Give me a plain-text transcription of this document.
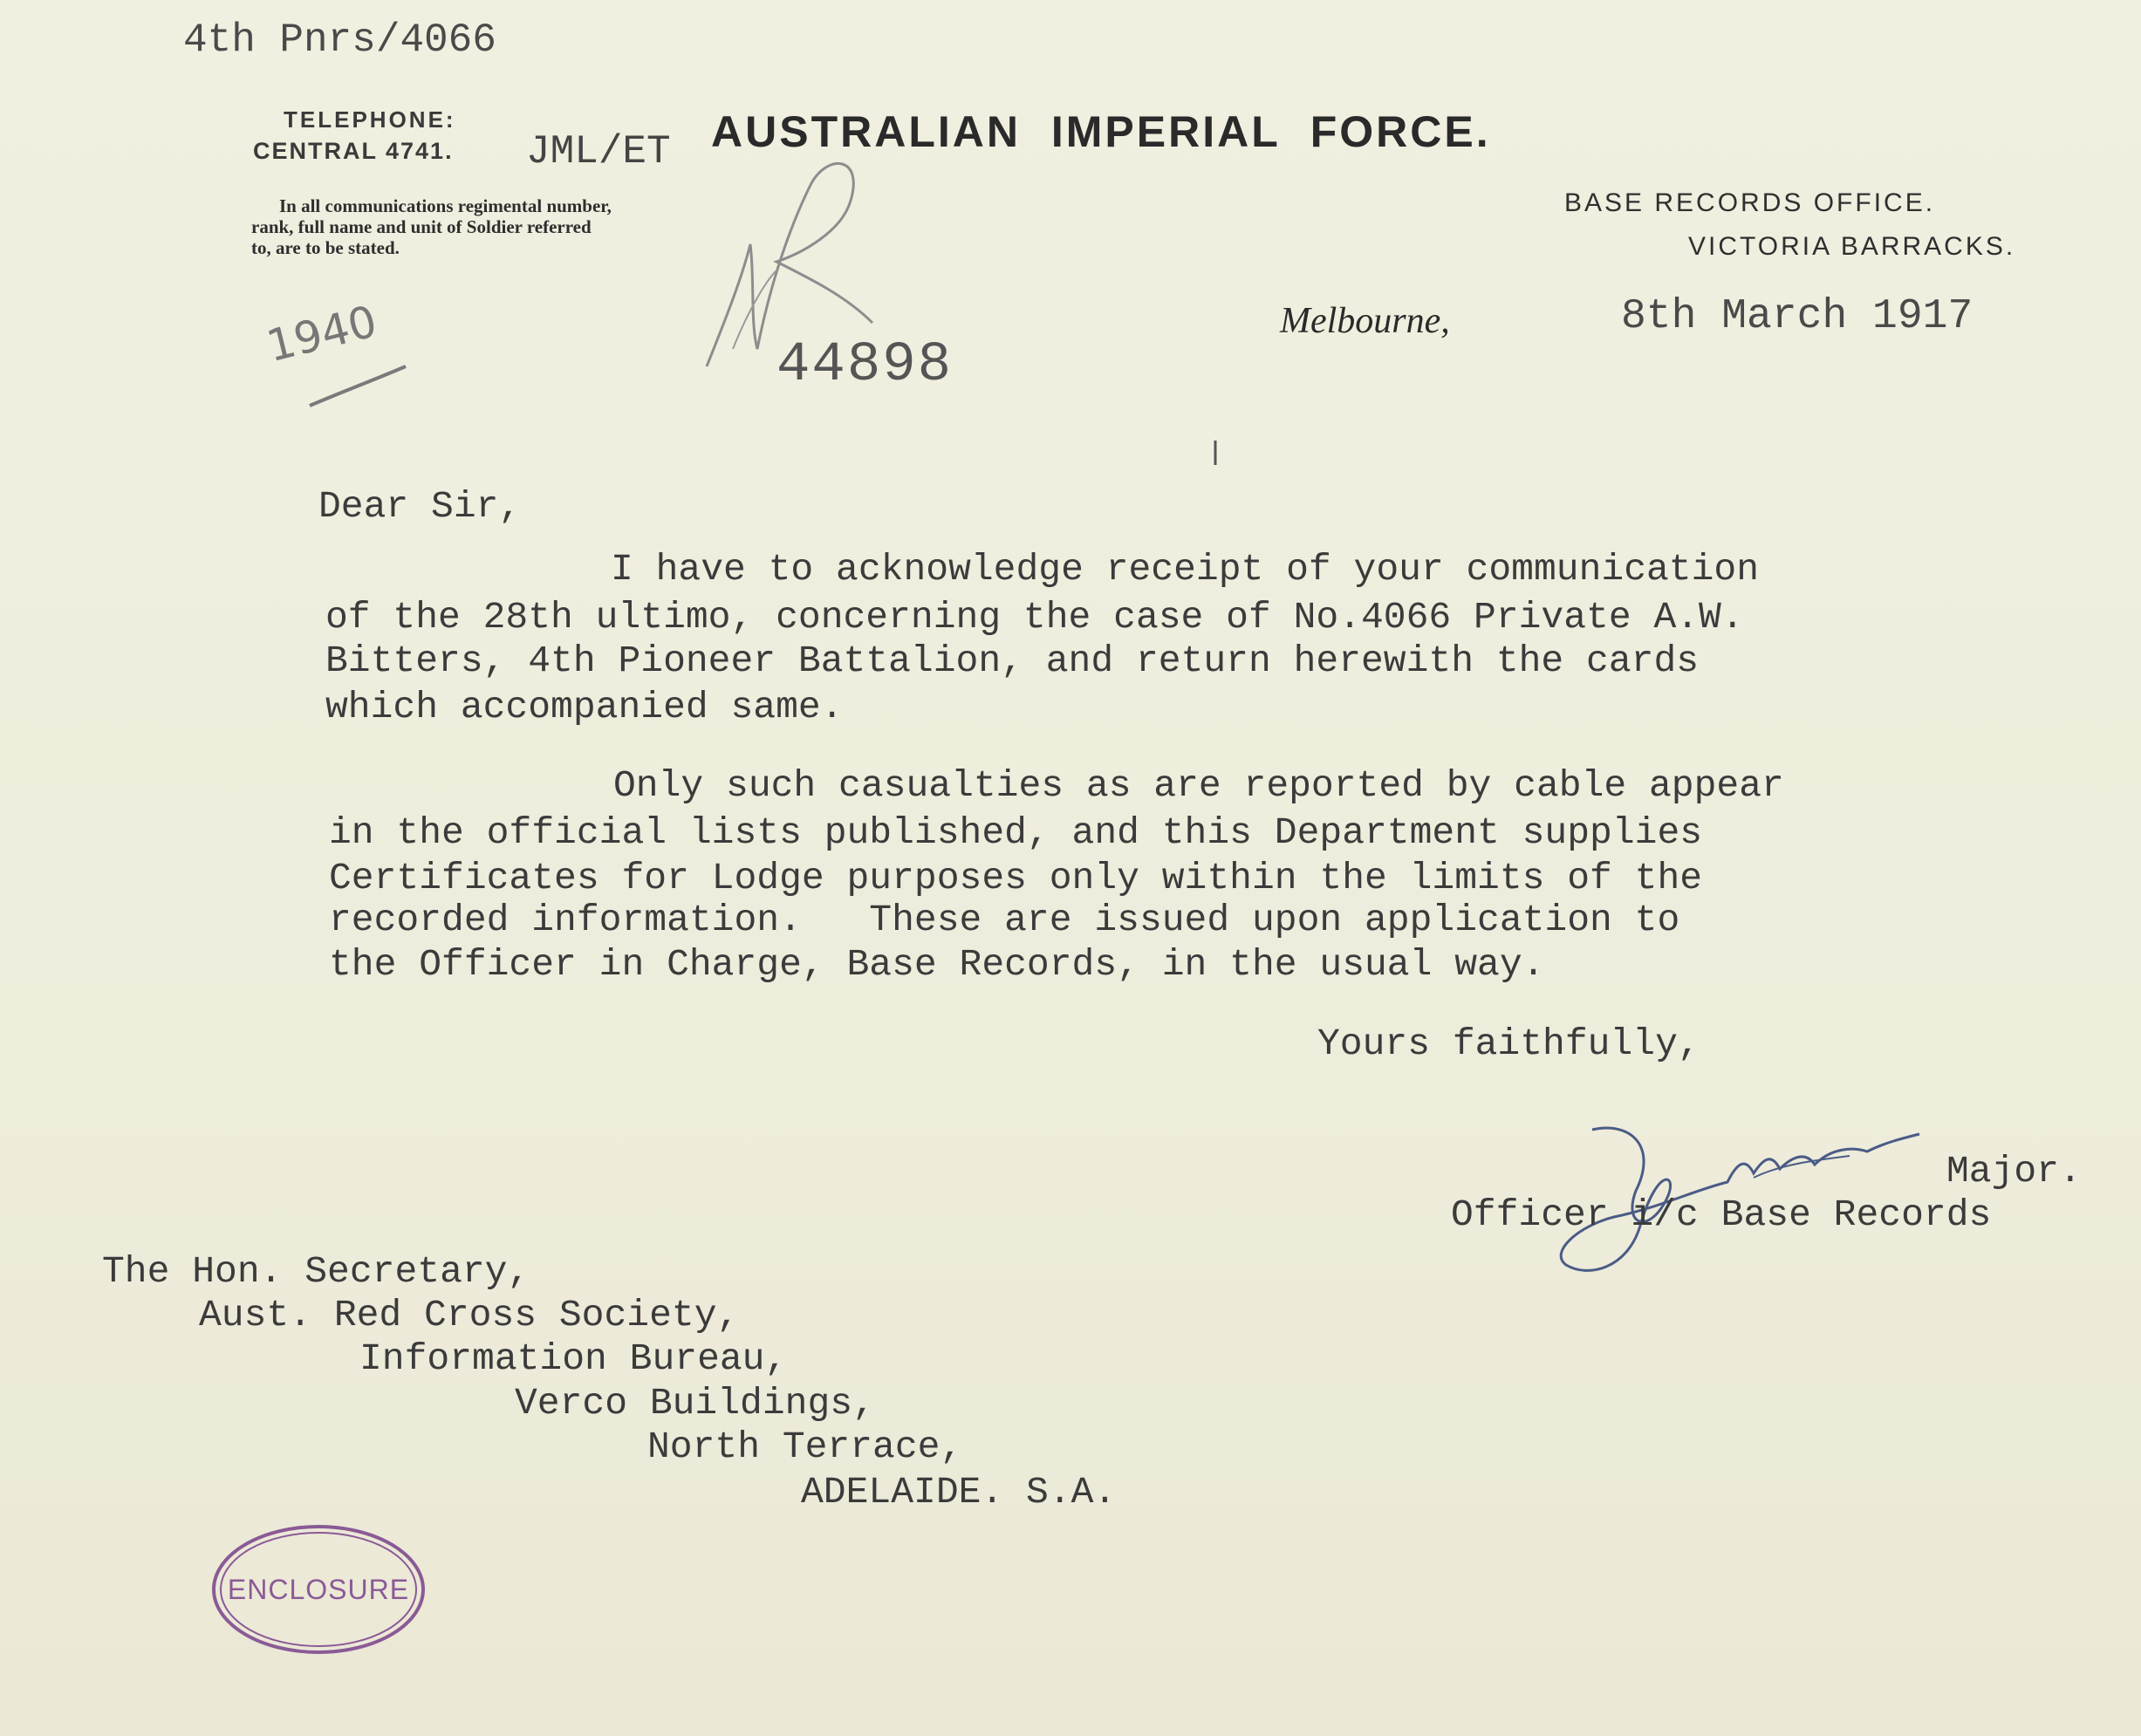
4th Pnrs/4066
TELEPHONE:
CENTRAL 4741. JML/ET
In all communications regimental number,
rank, full name and unit of Soldier referred
to, are to be stated.
AUSTRALIAN IMPERIAL FORCE.
BASE RECORDS OFFICE.
VICTORIA BARRACKS.
Melbourne,	8th March 1917
44898
1940
Dear Sir,
I have to acknowledge receipt of your communication
of the 28th ultimo, concerning the case of No.4066 Private A.W.
Bitters, 4th Pioneer Battalion, and return herewith the cards
which accompanied same.
Only such casualties as are reported by cable appear
in the official lists published, and this Department supplies
Certificates for Lodge purposes only within the limits of the
recorded information.   These are issued upon application to
the Officer in Charge, Base Records, in the usual way.
Yours faithfully,
Major.
Officer i/c Base Records
The Hon. Secretary,
Aust. Red Cross Society,
Information Bureau,
Verco Buildings,
North Terrace,
ADELAIDE. S.A.
ENCLOSURE
